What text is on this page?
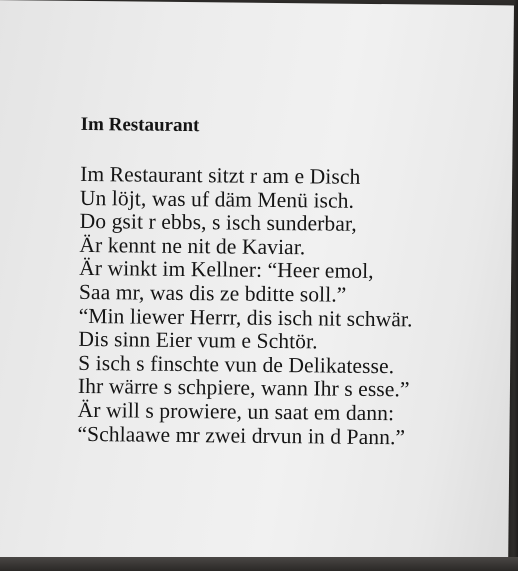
Im Restaurant
Im Restaurant sitzt r am e Disch
Un löjt, was uf däm Menü isch.
Do gsit r ebbs, s isch sunderbar,
Är kennt ne nit de Kaviar.
Är winkt im Kellner: “Heer emol,
Saa mr, was dis ze bditte soll.”
“Min liewer Herrr, dis isch nit schwär.
Dis sinn Eier vum e Schtör.
S isch s finschte vun de Delikatesse.
Ihr wärre s schpiere, wann Ihr s esse.”
Är will s prowiere, un saat em dann:
“Schlaawe mr zwei drvun in d Pann.”
